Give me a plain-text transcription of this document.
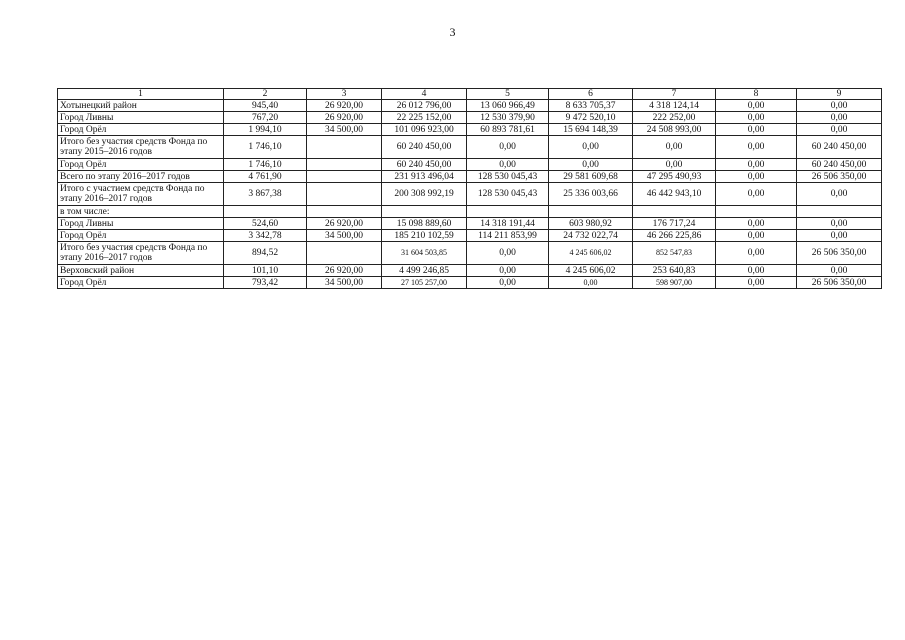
3
1	2	3	4	5	6	7	8	9
Хотынецкий район	945,40	26 920,00	26 012 796,00	13 060 966,49	8 633 705,37	4 318 124,14	0,00	0,00
Город Ливны	767,20	26 920,00	22 225 152,00	12 530 379,90	9 472 520,10	222 252,00	0,00	0,00
Город Орёл	1 994,10	34 500,00	101 096 923,00	60 893 781,61	15 694 148,39	24 508 993,00	0,00	0,00
Итого без участия средств Фонда по этапу 2015–2016 годов	1 746,10		60 240 450,00	0,00	0,00	0,00	0,00	60 240 450,00
Город Орёл	1 746,10		60 240 450,00	0,00	0,00	0,00	0,00	60 240 450,00
Всего по этапу 2016–2017 годов	4 761,90		231 913 496,04	128 530 045,43	29 581 609,68	47 295 490,93	0,00	26 506 350,00
Итого с участием средств Фонда по этапу 2016–2017 годов	3 867,38		200 308 992,19	128 530 045,43	25 336 003,66	46 442 943,10	0,00	0,00
в том числе:								
Город Ливны	524,60	26 920,00	15 098 889,60	14 318 191,44	603 980,92	176 717,24	0,00	0,00
Город Орёл	3 342,78	34 500,00	185 210 102,59	114 211 853,99	24 732 022,74	46 266 225,86	0,00	0,00
Итого без участия средств Фонда по этапу 2016–2017 годов	894,52		31 604 503,85	0,00	4 245 606,02	852 547,83	0,00	26 506 350,00
Верховский район	101,10	26 920,00	4 499 246,85	0,00	4 245 606,02	253 640,83	0,00	0,00
Город Орёл	793,42	34 500,00	27 105 257,00	0,00	0,00	598 907,00	0,00	26 506 350,00
